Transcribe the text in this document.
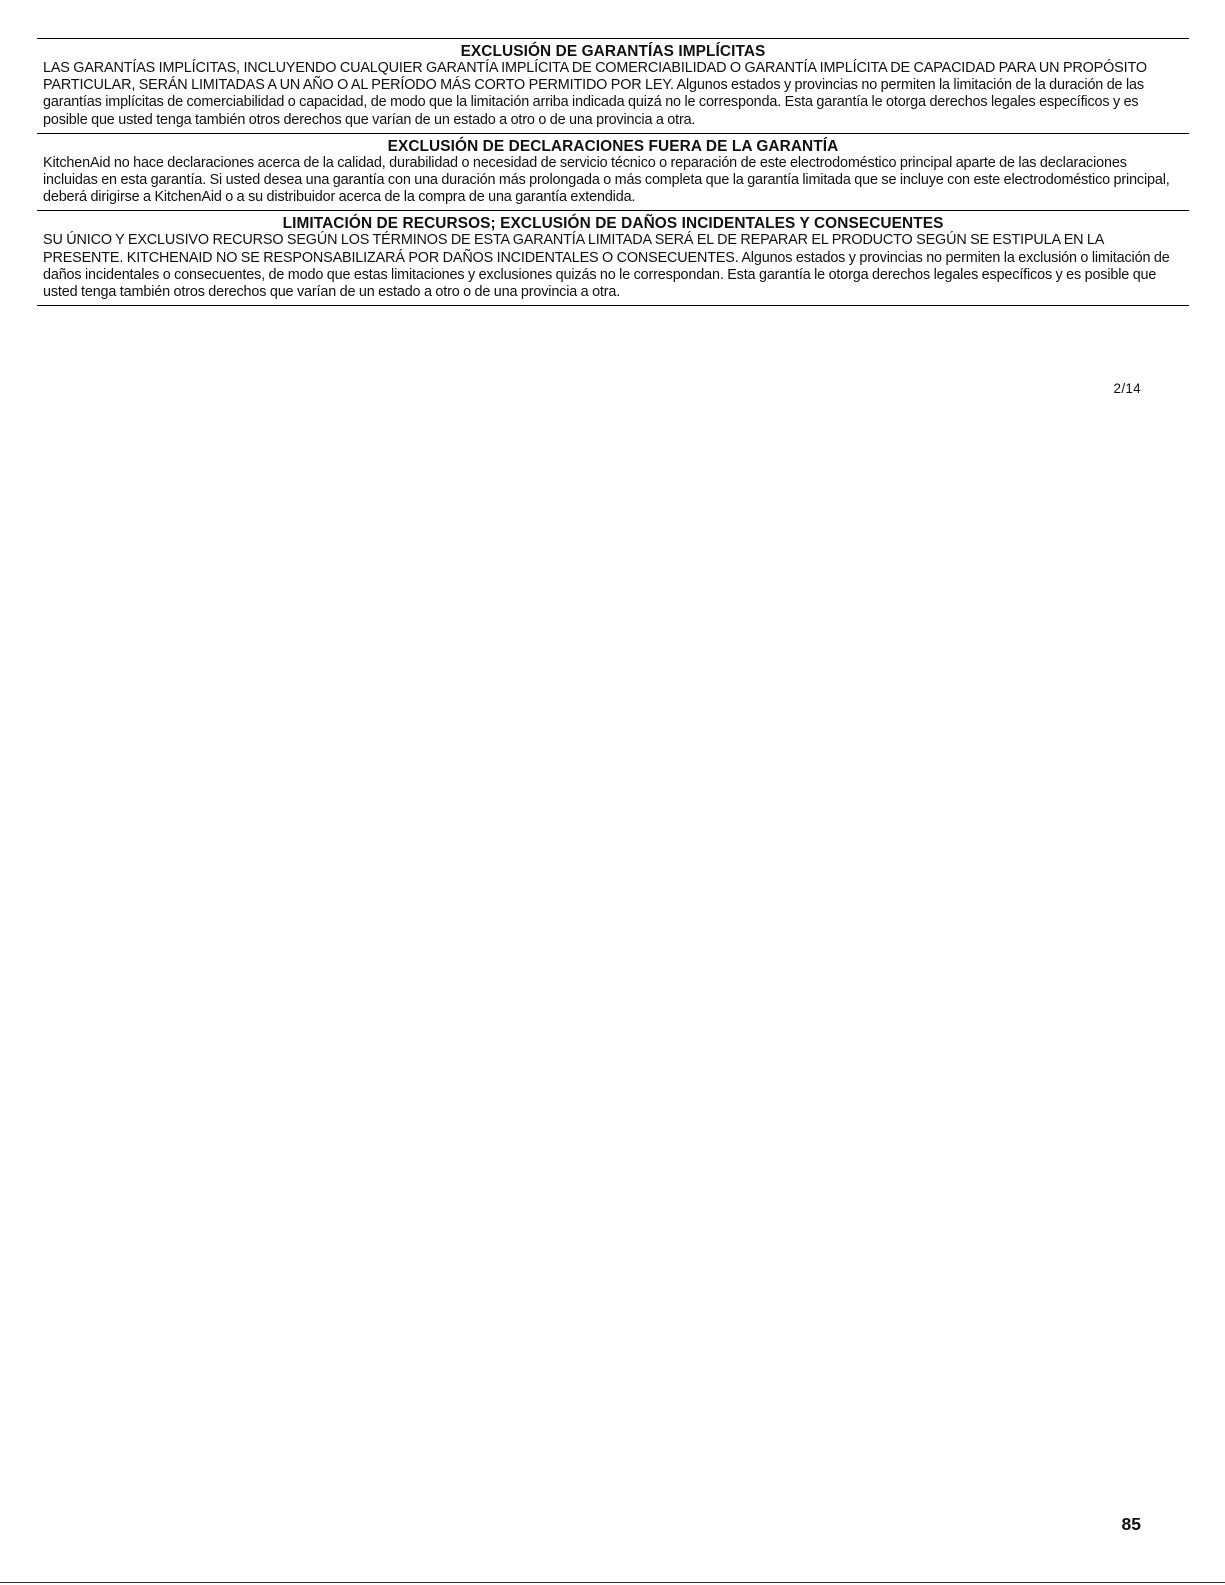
EXCLUSIÓN DE GARANTÍAS IMPLÍCITAS

LAS GARANTÍAS IMPLÍCITAS, INCLUYENDO CUALQUIER GARANTÍA IMPLÍCITA DE COMERCIABILIDAD O GARANTÍA IMPLÍCITA DE CAPACIDAD PARA UN PROPÓSITO PARTICULAR, SERÁN LIMITADAS A UN AÑO O AL PERÍODO MÁS CORTO PERMITIDO POR LEY. Algunos estados y provincias no permiten la limitación de la duración de las garantías implícitas de comerciabilidad o capacidad, de modo que la limitación arriba indicada quizá no le corresponda. Esta garantía le otorga derechos legales específicos y es posible que usted tenga también otros derechos que varían de un estado a otro o de una provincia a otra.

EXCLUSIÓN DE DECLARACIONES FUERA DE LA GARANTÍA

KitchenAid no hace declaraciones acerca de la calidad, durabilidad o necesidad de servicio técnico o reparación de este electrodoméstico principal aparte de las declaraciones incluidas en esta garantía. Si usted desea una garantía con una duración más prolongada o más completa que la garantía limitada que se incluye con este electrodoméstico principal, deberá dirigirse a KitchenAid o a su distribuidor acerca de la compra de una garantía extendida.

LIMITACIÓN DE RECURSOS; EXCLUSIÓN DE DAÑOS INCIDENTALES Y CONSECUENTES

SU ÚNICO Y EXCLUSIVO RECURSO SEGÚN LOS TÉRMINOS DE ESTA GARANTÍA LIMITADA SERÁ EL DE REPARAR EL PRODUCTO SEGÚN SE ESTIPULA EN LA PRESENTE. KITCHENAID NO SE RESPONSABILIZARÁ POR DAÑOS INCIDENTALES O CONSECUENTES. Algunos estados y provincias no permiten la exclusión o limitación de daños incidentales o consecuentes, de modo que estas limitaciones y exclusiones quizás no le correspondan. Esta garantía le otorga derechos legales específicos y es posible que usted tenga también otros derechos que varían de un estado a otro o de una provincia a otra.

2/14
85
